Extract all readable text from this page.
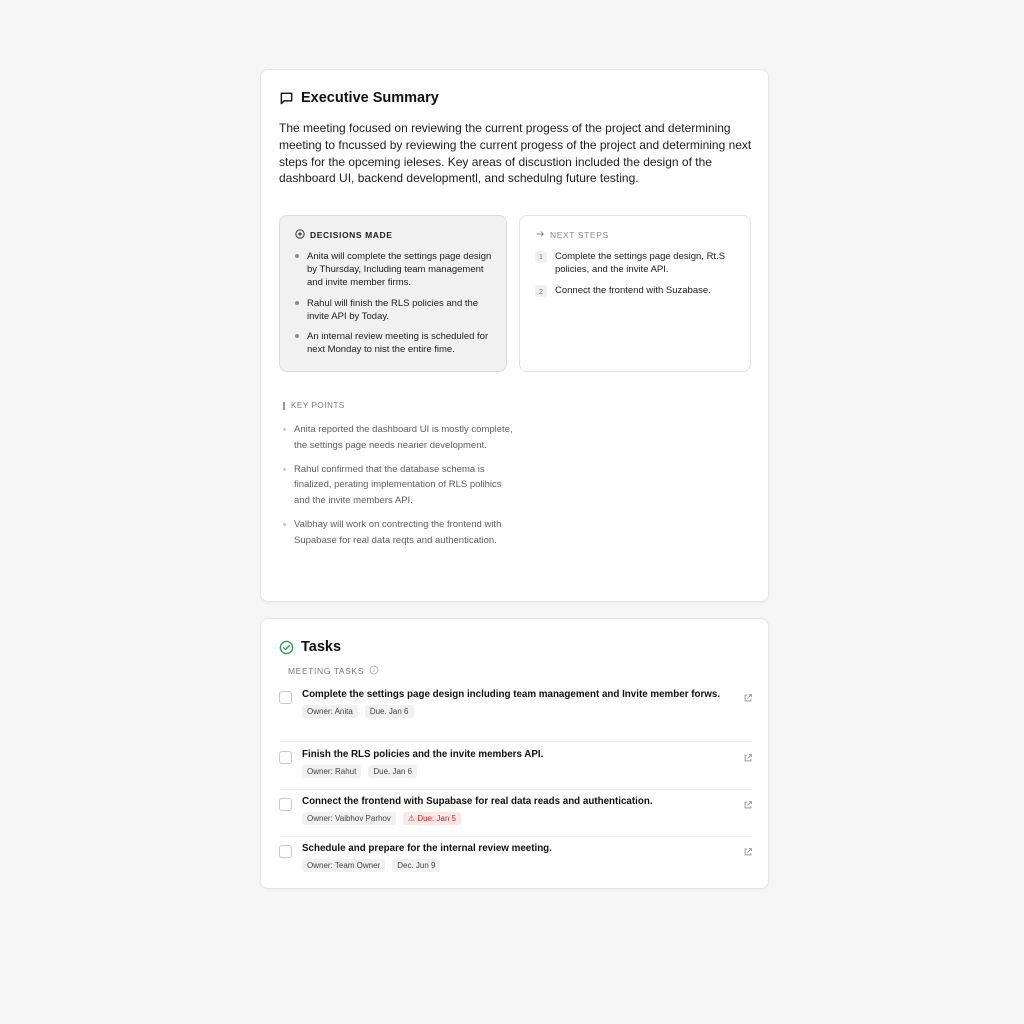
Executive Summary

The meeting focused on reviewing the current progess of the project and determining meeting to fncussed by reviewing the current progess of the project and determining next steps for the opceming ieleses. Key areas of discustion included the design of the dashboard UI, backend developmentl, and schedulng future testing.

DECISIONS MADE
Anita will complete the settings page design by Thursday, Including team management and invite member firms.
Rahul will finish the RLS policies and the invite API by Today.
An internal review meeting is scheduled for next Monday to nist the entire fime.
NEXT STEPS
1	Complete the settings page design, Rt.S policies, and the invite API.
2	Connect the frontend with Suzabase.
KEY POINTS
Anita reported the dashboard UI is mostly complete, the settings page needs nearier development.
Rahul confirmed that the database schema is finalized, perating implementation of RLS polihics and the invite members API.
Valbhay will work on contrecting the frontend with Supabase for real data reqts and authentication.
Tasks
MEETING TASKS
Complete the settings page design including team management and Invite member forws.
Owner: Anita	Due. Jan 6
Finish the RLS policies and the invite members API.
Owner: Rahut	Due. Jan 6
Connect the frontend with Supabase for real data reads and authentication.
Owner: Vaibhov Parhov	⚠ Due: Jan 5
Schedule and prepare for the internal review meeting.
Owner: Team Owner	Dec. Jun 9
